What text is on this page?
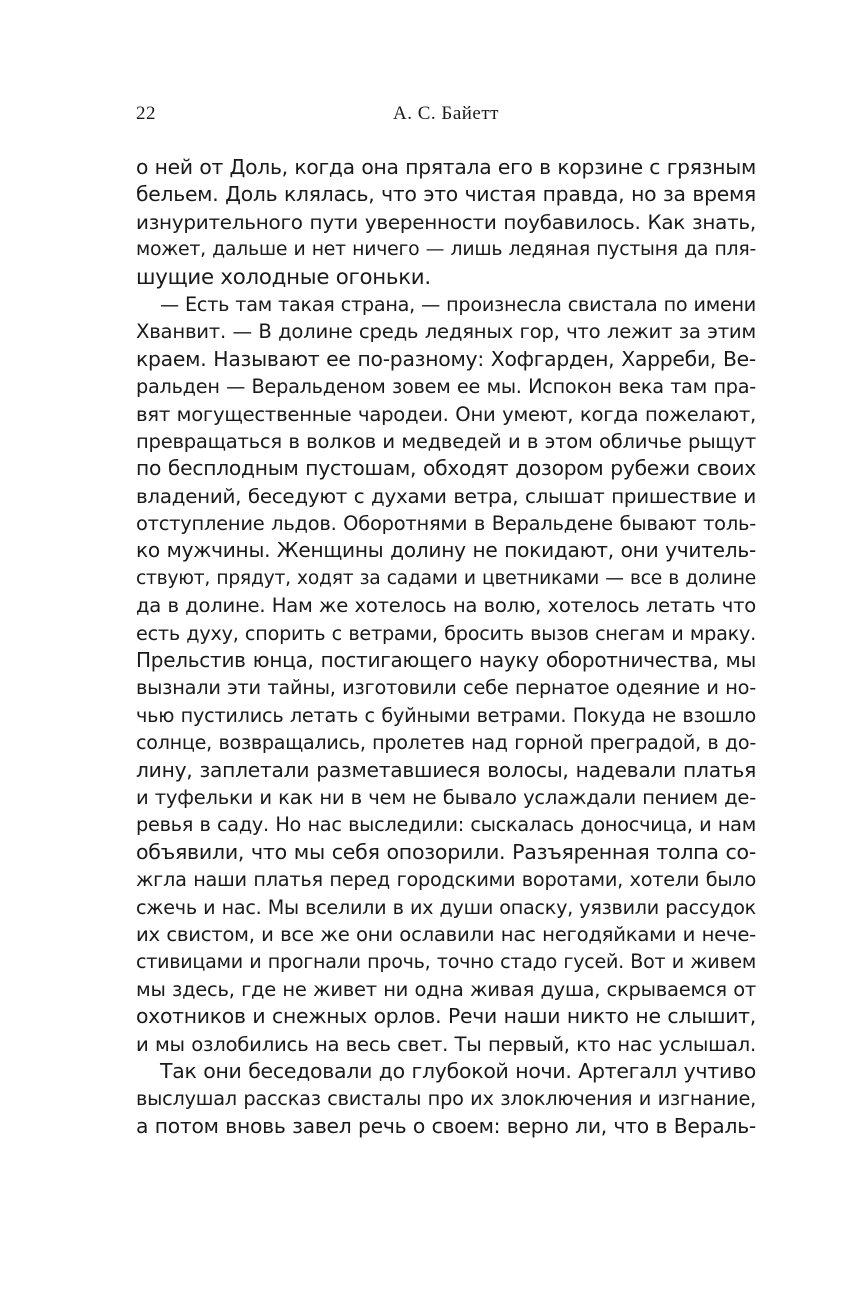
22	А. С. Байетт
о ней от Доль, когда она прятала его в корзине с грязным
бельем. Доль клялась, что это чистая правда, но за время
изнурительного пути уверенности поубавилось. Как знать,
может, дальше и нет ничего — лишь ледяная пустыня да пля-
шущие холодные огоньки.
— Есть там такая страна, — произнесла свистала по имени
Хванвит. — В долине средь ледяных гор, что лежит за этим
краем. Называют ее по-разному: Хофгарден, Харреби, Ве-
ральден — Веральденом зовем ее мы. Испокон века там пра-
вят могущественные чародеи. Они умеют, когда пожелают,
превращаться в волков и медведей и в этом обличье рыщут
по бесплодным пустошам, обходят дозором рубежи своих
владений, беседуют с духами ветра, слышат пришествие и
отступление льдов. Оборотнями в Веральдене бывают толь-
ко мужчины. Женщины долину не покидают, они учитель-
ствуют, прядут, ходят за садами и цветниками — все в долине
да в долине. Нам же хотелось на волю, хотелось летать что
есть духу, спорить с ветрами, бросить вызов снегам и мраку.
Прельстив юнца, постигающего науку оборотничества, мы
вызнали эти тайны, изготовили себе пернатое одеяние и но-
чью пустились летать с буйными ветрами. Покуда не взошло
солнце, возвращались, пролетев над горной преградой, в до-
лину, заплетали разметавшиеся волосы, надевали платья
и туфельки и как ни в чем не бывало услаждали пением де-
ревья в саду. Но нас выследили: сыскалась доносчица, и нам
объявили, что мы себя опозорили. Разъяренная толпа со-
жгла наши платья перед городскими воротами, хотели было
сжечь и нас. Мы вселили в их души опаску, уязвили рассудок
их свистом, и все же они ославили нас негодяйками и нече-
стивицами и прогнали прочь, точно стадо гусей. Вот и живем
мы здесь, где не живет ни одна живая душа, скрываемся от
охотников и снежных орлов. Речи наши никто не слышит,
и мы озлобились на весь свет. Ты первый, кто нас услышал.
Так они беседовали до глубокой ночи. Артегалл учтиво
выслушал рассказ свисталы про их злоключения и изгнание,
а потом вновь завел речь о своем: верно ли, что в Вераль-
